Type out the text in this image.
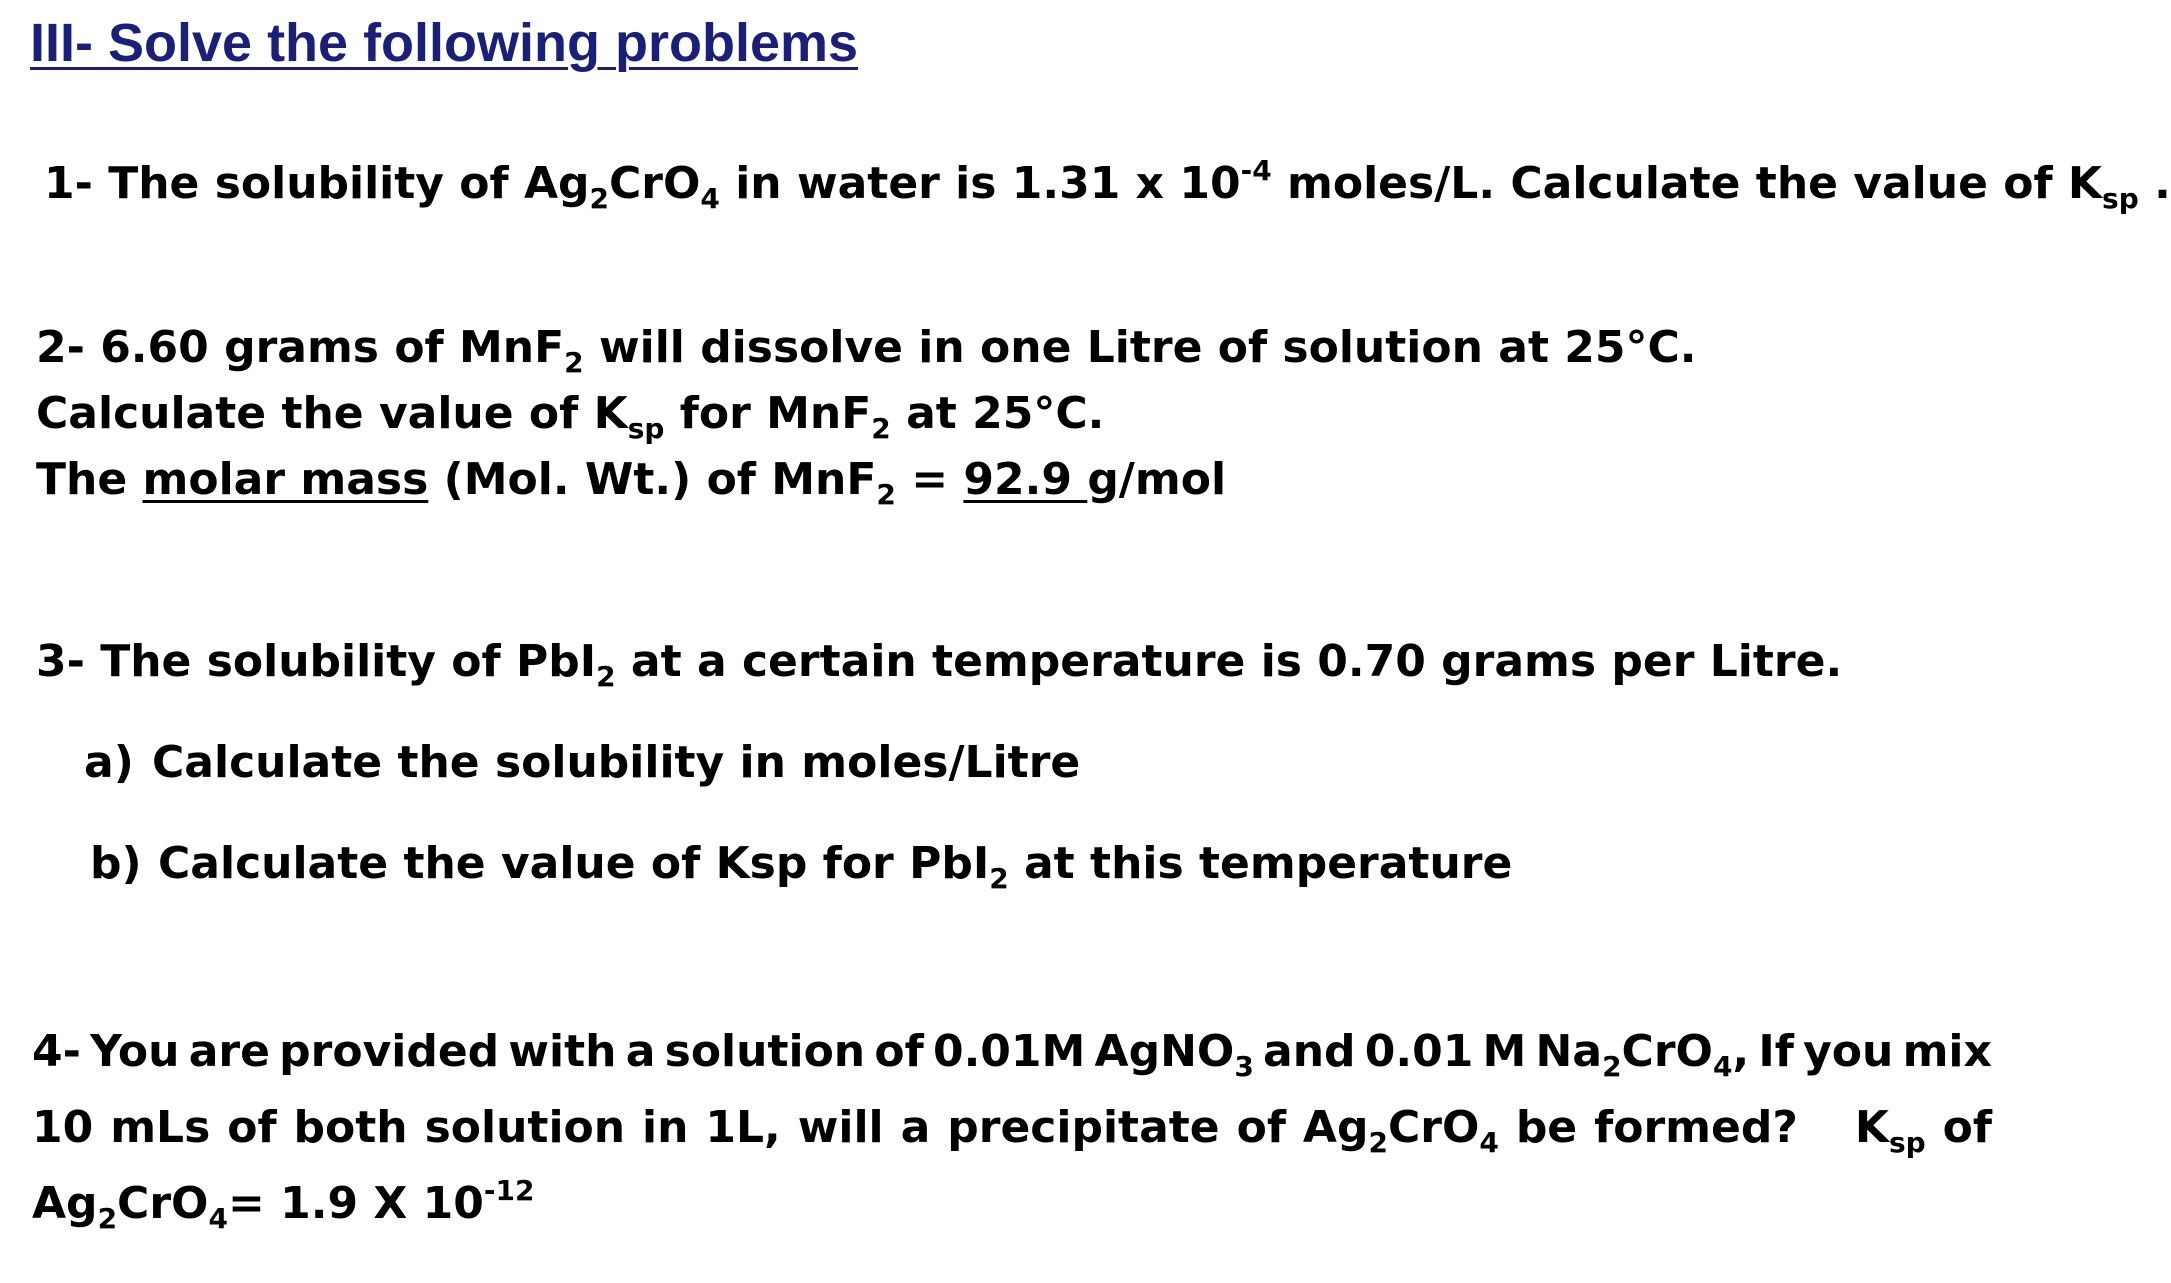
III- Solve the following problems
1- The solubility of $Ag_2CrO_4$ in water is 1.31 x $10^{-4}$ moles/L. Calculate the value of $K_{sp}$ .
2- 6.60 grams of MnF$_2$ will dissolve in one Litre of solution at 25°C.
Calculate the value of $K_{sp}$ for MnF$_2$ at 25°C.
The molar mass (Mol. Wt.) of MnF$_2$ = 92.9 g/mol
3- The solubility of PbI$_2$ at a certain temperature is 0.70 grams per Litre.
a) Calculate the solubility in moles/Litre
b) Calculate the value of Ksp for PbI$_2$ at this temperature
4- You are provided with a solution of 0.01M AgNO$_3$ and 0.01 M $Na_2CrO_4$, If you mix
10 mLs of both solution in 1L, will a precipitate of $Ag_2CrO_4$ be formed? $K_{sp}$ of
$Ag_2CrO_4= 1.9$ X $10^{-12}$
